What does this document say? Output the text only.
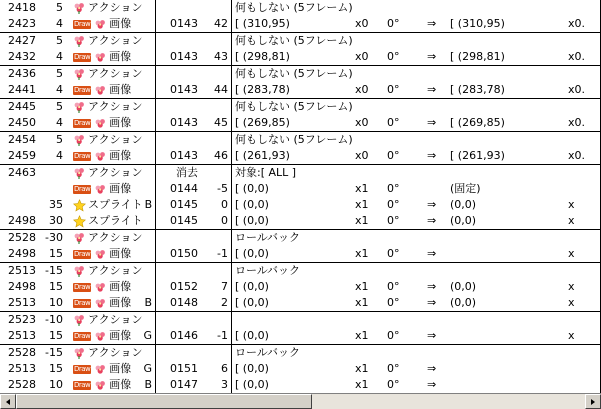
2418	5	アクション			何もしない (5フレーム)					
2423	4	Draw 画像	0143	42	[ (310,95)	x0	0°	⇒	[ (310,95)	x0.
2427	5	アクション			何もしない (5フレーム)					
2432	4	Draw 画像	0143	43	[ (298,81)	x0	0°	⇒	[ (298,81)	x0.
2436	5	アクション			何もしない (5フレーム)					
2441	4	Draw 画像	0143	44	[ (283,78)	x0	0°	⇒	[ (283,78)	x0.
2445	5	アクション			何もしない (5フレーム)					
2450	4	Draw 画像	0143	45	[ (269,85)	x0	0°	⇒	[ (269,85)	x0.
2454	5	アクション			何もしない (5フレーム)					
2459	4	Draw 画像	0143	46	[ (261,93)	x0	0°	⇒	[ (261,93)	x0.
2463		アクション	消去		対象:[ ALL ]					

		Draw 画像	0144	-5	[ (0,0)	x1	0°		(固定)	
	35	スプライト B	0145	0	[ (0,0)	x1	0°	⇒	(0,0)	x
2498	30	スプライト	0145	0	[ (0,0)	x1	0°	⇒	(0,0)	x
2528	-30	アクション			ロールバック					
2498	15	Draw 画像	0150	-1	[ (0,0)	x1	0°	⇒		x
2513	-15	アクション			ロールバック					
2498	15	Draw 画像	0152	7	[ (0,0)	x1	0°	⇒	(0,0)	x
2513	10	Draw 画像 B	0148	2	[ (0,0)	x1	0°	⇒	(0,0)	x
2523	-10	アクション								

2513	15	Draw 画像 G	0146	-1	[ (0,0)	x1	0°	⇒		x
2528	-15	アクション			ロールバック					
2513	15	Draw 画像 G	0151	6	[ (0,0)	x1	0°	⇒		
2528	10	Draw 画像 B	0147	3	[ (0,0)	x1	0°	⇒		
